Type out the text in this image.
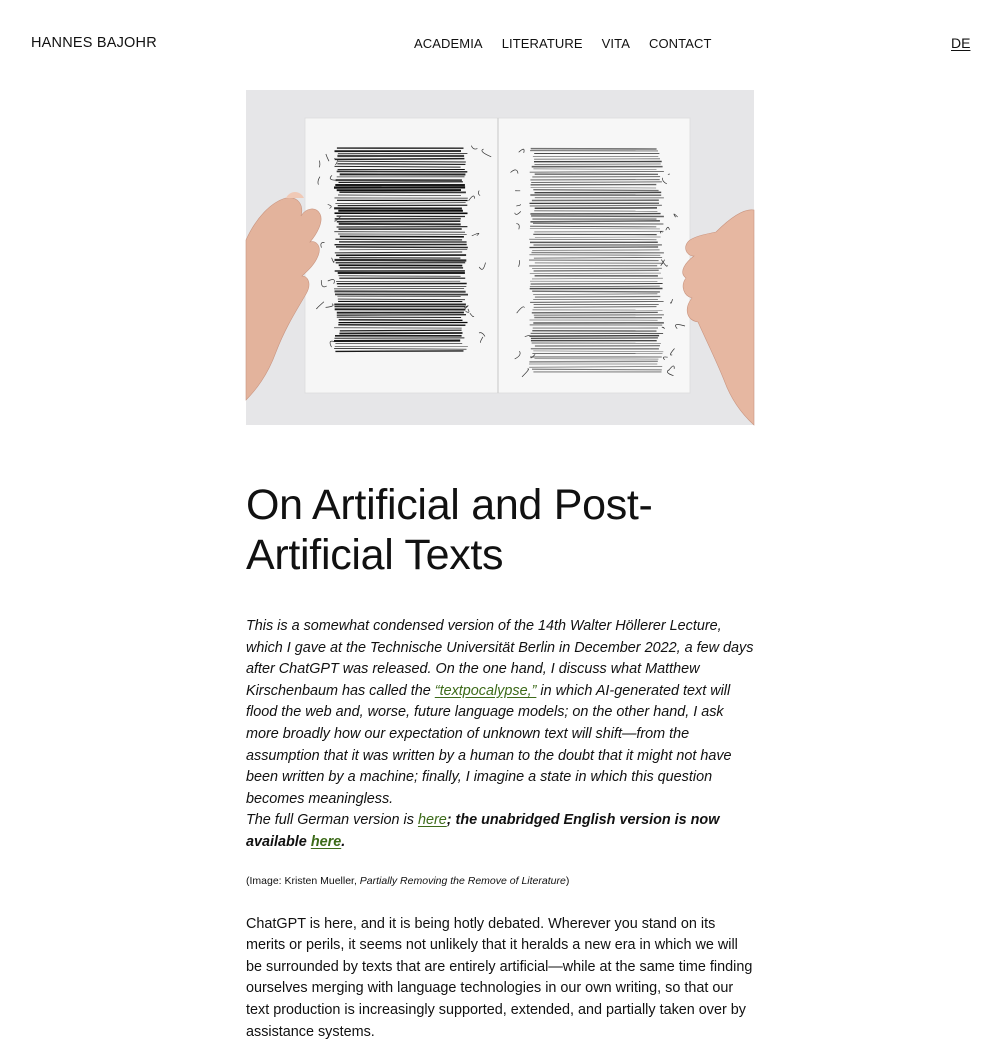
HANNES BAJOHR	ACADEMIA LITERATURE VITA CONTACT	DE
On Artificial and Post-Artificial Texts

This is a somewhat condensed version of the 14th Walter Höllerer Lecture, which I gave at the Technische Universität Berlin in December 2022, a few days after ChatGPT was released. On the one hand, I discuss what Matthew Kirschenbaum has called the “textpocalypse,” in which AI-generated text will flood the web and, worse, future language models; on the other hand, I ask more broadly how our expectation of unknown text will shift—from the assumption that it was written by a human to the doubt that it might not have been written by a machine; finally, I imagine a state in which this question becomes meaningless.
The full German version is here; the unabridged English version is now available here.

(Image: Kristen Mueller, Partially Removing the Remove of Literature)

ChatGPT is here, and it is being hotly debated. Wherever you stand on its merits or perils, it seems not unlikely that it heralds a new era in which we will be surrounded by texts that are entirely artificial—while at the same time finding ourselves merging with language technologies in our own writing, so that our text production is increasingly supported, extended, and partially taken over by assistance systems.
